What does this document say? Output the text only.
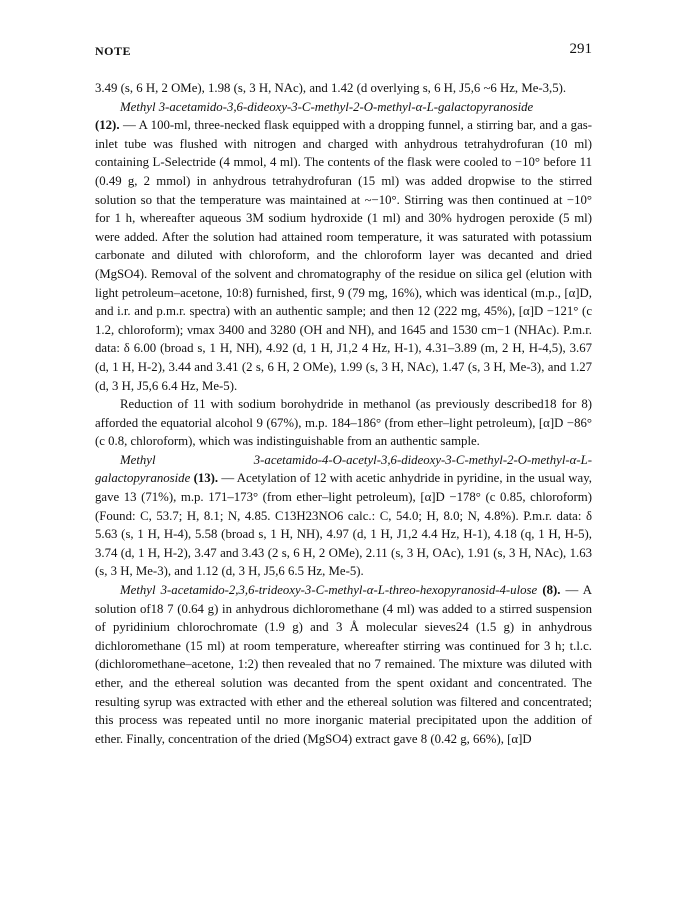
NOTE	291

3.49 (s, 6 H, 2 OMe), 1.98 (s, 3 H, NAc), and 1.42 (d overlying s, 6 H, J5,6 ~6 Hz, Me-3,5).

Methyl 3-acetamido-3,6-dideoxy-3-C-methyl-2-O-methyl-α-L-galactopyranoside
(12). — A 100-ml, three-necked flask equipped with a dropping funnel, a stirring bar, and a gas-inlet tube was flushed with nitrogen and charged with anhydrous tetrahydrofuran (10 ml) containing L-Selectride (4 mmol, 4 ml). The contents of the flask were cooled to −10° before 11 (0.49 g, 2 mmol) in anhydrous tetrahydrofuran (15 ml) was added dropwise to the stirred solution so that the temperature was maintained at ~−10°. Stirring was then continued at −10° for 1 h, whereafter aqueous 3M sodium hydroxide (1 ml) and 30% hydrogen peroxide (5 ml) were added. After the solution had attained room temperature, it was saturated with potassium carbonate and diluted with chloroform, and the chloroform layer was decanted and dried (MgSO4). Removal of the solvent and chromatography of the residue on silica gel (elution with light petroleum–acetone, 10:8) furnished, first, 9 (79 mg, 16%), which was identical (m.p., [α]D, and i.r. and p.m.r. spectra) with an authentic sample; and then 12 (222 mg, 45%), [α]D −121° (c 1.2, chloroform); νmax 3400 and 3280 (OH and NH), and 1645 and 1530 cm−1 (NHAc). P.m.r. data: δ 6.00 (broad s, 1 H, NH), 4.92 (d, 1 H, J1,2 4 Hz, H-1), 4.31–3.89 (m, 2 H, H-4,5), 3.67 (d, 1 H, H-2), 3.44 and 3.41 (2 s, 6 H, 2 OMe), 1.99 (s, 3 H, NAc), 1.47 (s, 3 H, Me-3), and 1.27 (d, 3 H, J5,6 6.4 Hz, Me-5).

Reduction of 11 with sodium borohydride in methanol (as previously described18 for 8) afforded the equatorial alcohol 9 (67%), m.p. 184–186° (from ether–light petroleum), [α]D −86° (c 0.8, chloroform), which was indistinguishable from an authentic sample.

Methyl 3-acetamido-4-O-acetyl-3,6-dideoxy-3-C-methyl-2-O-methyl-α-L-galactopyranoside (13). — Acetylation of 12 with acetic anhydride in pyridine, in the usual way, gave 13 (71%), m.p. 171–173° (from ether–light petroleum), [α]D −178° (c 0.85, chloroform) (Found: C, 53.7; H, 8.1; N, 4.85. C13H23NO6 calc.: C, 54.0; H, 8.0; N, 4.8%). P.m.r. data: δ 5.63 (s, 1 H, H-4), 5.58 (broad s, 1 H, NH), 4.97 (d, 1 H, J1,2 4.4 Hz, H-1), 4.18 (q, 1 H, H-5), 3.74 (d, 1 H, H-2), 3.47 and 3.43 (2 s, 6 H, 2 OMe), 2.11 (s, 3 H, OAc), 1.91 (s, 3 H, NAc), 1.63 (s, 3 H, Me-3), and 1.12 (d, 3 H, J5,6 6.5 Hz, Me-5).

Methyl 3-acetamido-2,3,6-trideoxy-3-C-methyl-α-L-threo-hexopyranosid-4-ulose (8). — A solution of18 7 (0.64 g) in anhydrous dichloromethane (4 ml) was added to a stirred suspension of pyridinium chlorochromate (1.9 g) and 3 Å molecular sieves24 (1.5 g) in anhydrous dichloromethane (15 ml) at room temperature, whereafter stirring was continued for 3 h; t.l.c. (dichloromethane–acetone, 1:2) then revealed that no 7 remained. The mixture was diluted with ether, and the ethereal solution was decanted from the spent oxidant and concentrated. The resulting syrup was extracted with ether and the ethereal solution was filtered and concentrated; this process was repeated until no more inorganic material precipitated upon the addition of ether. Finally, concentration of the dried (MgSO4) extract gave 8 (0.42 g, 66%), [α]D
